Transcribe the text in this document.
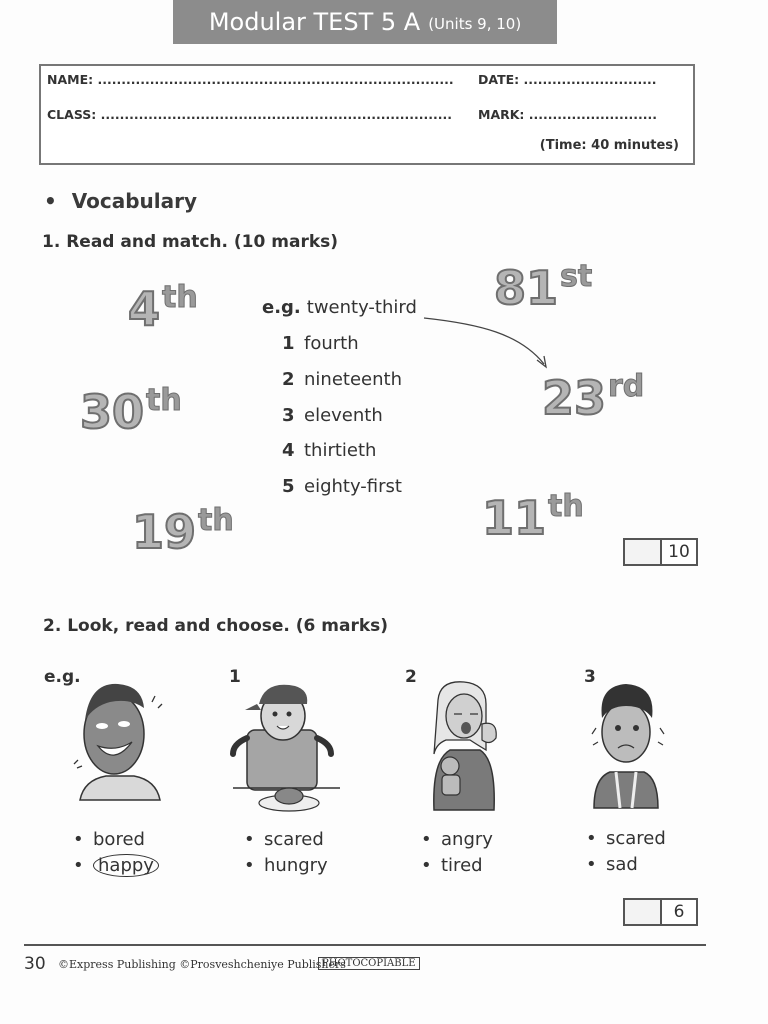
Modular TEST 5 A (Units 9, 10)
NAME: ...........................................................................	DATE: ............................
CLASS: ..........................................................................	MARK: ...........................
(Time: 40 minutes)
• Vocabulary
1. Read and match. (10 marks)
4th
30th
19th
81st
23rd
11th
e.g. twenty-third
1 fourth
2 nineteenth
3 eleventh
4 thirtieth
5 eighty-first
10
2. Look, read and choose. (6 marks)
e.g.	1	2	3
• bored
• happy
• scared
• hungry
• angry
• tired
• scared
• sad
6
30 ©Express Publishing ©Prosveshcheniye Publishers
PHOTOCOPIABLE
